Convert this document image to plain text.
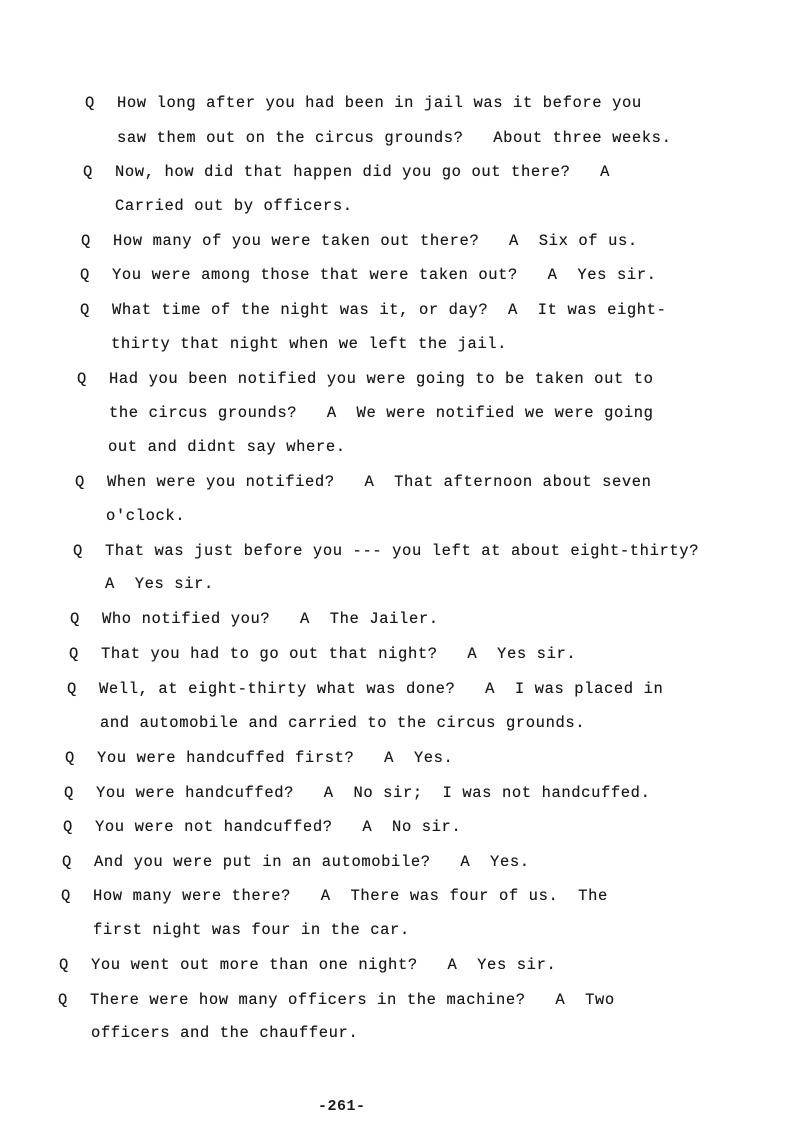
Q How long after you had been in jail was it before you
saw them out on the circus grounds?   About three weeks.
Q Now, how did that happen did you go out there?   A
Carried out by officers.
Q How many of you were taken out there?   A  Six of us.
Q You were among those that were taken out?   A  Yes sir.
Q What time of the night was it, or day?  A  It was eight-
thirty that night when we left the jail.
Q Had you been notified you were going to be taken out to
the circus grounds?   A  We were notified we were going
out and didnt say where.
Q When were you notified?   A  That afternoon about seven
o'clock.
Q That was just before you --- you left at about eight-thirty?
A  Yes sir.
Q Who notified you?   A  The Jailer.
Q That you had to go out that night?   A  Yes sir.
Q Well, at eight-thirty what was done?   A  I was placed in
and automobile and carried to the circus grounds.
Q You were handcuffed first?   A  Yes.
Q You were handcuffed?   A  No sir;  I was not handcuffed.
Q You were not handcuffed?   A  No sir.
Q And you were put in an automobile?   A  Yes.
Q How many were there?   A  There was four of us.  The
first night was four in the car.
Q You went out more than one night?   A  Yes sir.
Q There were how many officers in the machine?   A  Two
officers and the chauffeur.
-261-
